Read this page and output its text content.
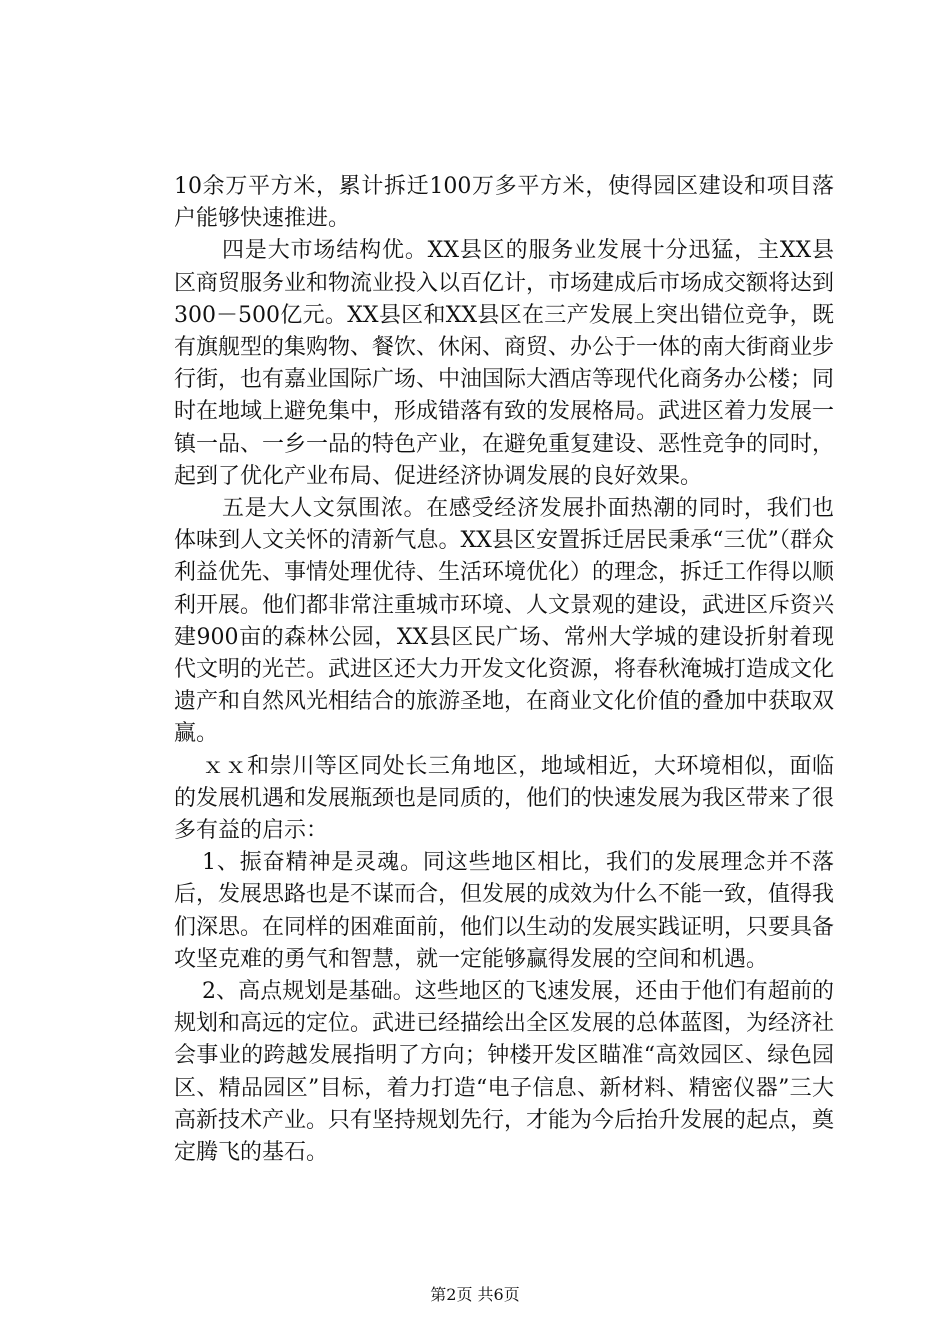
10余万平方米，累计拆迁100万多平方米，使得园区建设和项目落户能够快速推进。

四是大市场结构优。XX县区的服务业发展十分迅猛，主XX县区商贸服务业和物流业投入以百亿计，市场建成后市场成交额将达到300－500亿元。XX县区和XX县区在三产发展上突出错位竞争，既有旗舰型的集购物、餐饮、休闲、商贸、办公于一体的南大街商业步行街，也有嘉业国际广场、中油国际大酒店等现代化商务办公楼；同时在地域上避免集中，形成错落有致的发展格局。武进区着力发展一镇一品、一乡一品的特色产业，在避免重复建设、恶性竞争的同时，起到了优化产业布局、促进经济协调发展的良好效果。

五是大人文氛围浓。在感受经济发展扑面热潮的同时，我们也体味到人文关怀的清新气息。XX县区安置拆迁居民秉承“三优”（群众利益优先、事情处理优待、生活环境优化）的理念，拆迁工作得以顺利开展。他们都非常注重城市环境、人文景观的建设，武进区斥资兴建900亩的森林公园，XX县区民广场、常州大学城的建设折射着现代文明的光芒。武进区还大力开发文化资源，将春秋淹城打造成文化遗产和自然风光相结合的旅游圣地，在商业文化价值的叠加中获取双赢。

ｘｘ和崇川等区同处长三角地区，地域相近，大环境相似，面临的发展机遇和发展瓶颈也是同质的，他们的快速发展为我区带来了很多有益的启示：

1、振奋精神是灵魂。同这些地区相比，我们的发展理念并不落后，发展思路也是不谋而合，但发展的成效为什么不能一致，值得我们深思。在同样的困难面前，他们以生动的发展实践证明，只要具备攻坚克难的勇气和智慧，就一定能够赢得发展的空间和机遇。

2、高点规划是基础。这些地区的飞速发展，还由于他们有超前的规划和高远的定位。武进已经描绘出全区发展的总体蓝图，为经济社会事业的跨越发展指明了方向；钟楼开发区瞄准“高效园区、绿色园区、精品园区”目标，着力打造“电子信息、新材料、精密仪器”三大高新技术产业。只有坚持规划先行，才能为今后抬升发展的起点，奠定腾飞的基石。

第2页 共6页
